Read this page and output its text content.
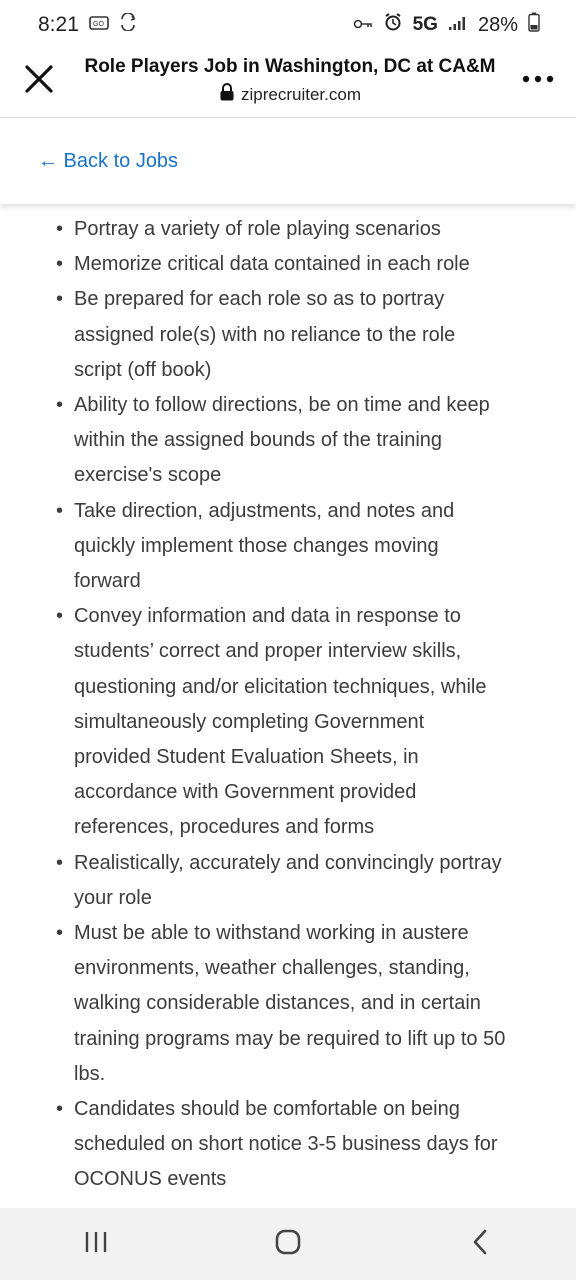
8:21 GO	5G 28%
Role Players Job in Washington, DC at CA&M
ziprecruiter.com
← Back to Jobs
• Portray a variety of role playing scenarios
• Memorize critical data contained in each role
• Be prepared for each role so as to portray assigned role(s) with no reliance to the role script (off book)
• Ability to follow directions, be on time and keep within the assigned bounds of the training exercise's scope
• Take direction, adjustments, and notes and quickly implement those changes moving forward
• Convey information and data in response to students’ correct and proper interview skills, questioning and/or elicitation techniques, while simultaneously completing Government provided Student Evaluation Sheets, in accordance with Government provided references, procedures and forms
• Realistically, accurately and convincingly portray your role
• Must be able to withstand working in austere environments, weather challenges, standing, walking considerable distances, and in certain training programs may be required to lift up to 50 lbs.
• Candidates should be comfortable on being scheduled on short notice 3-5 business days for OCONUS events
